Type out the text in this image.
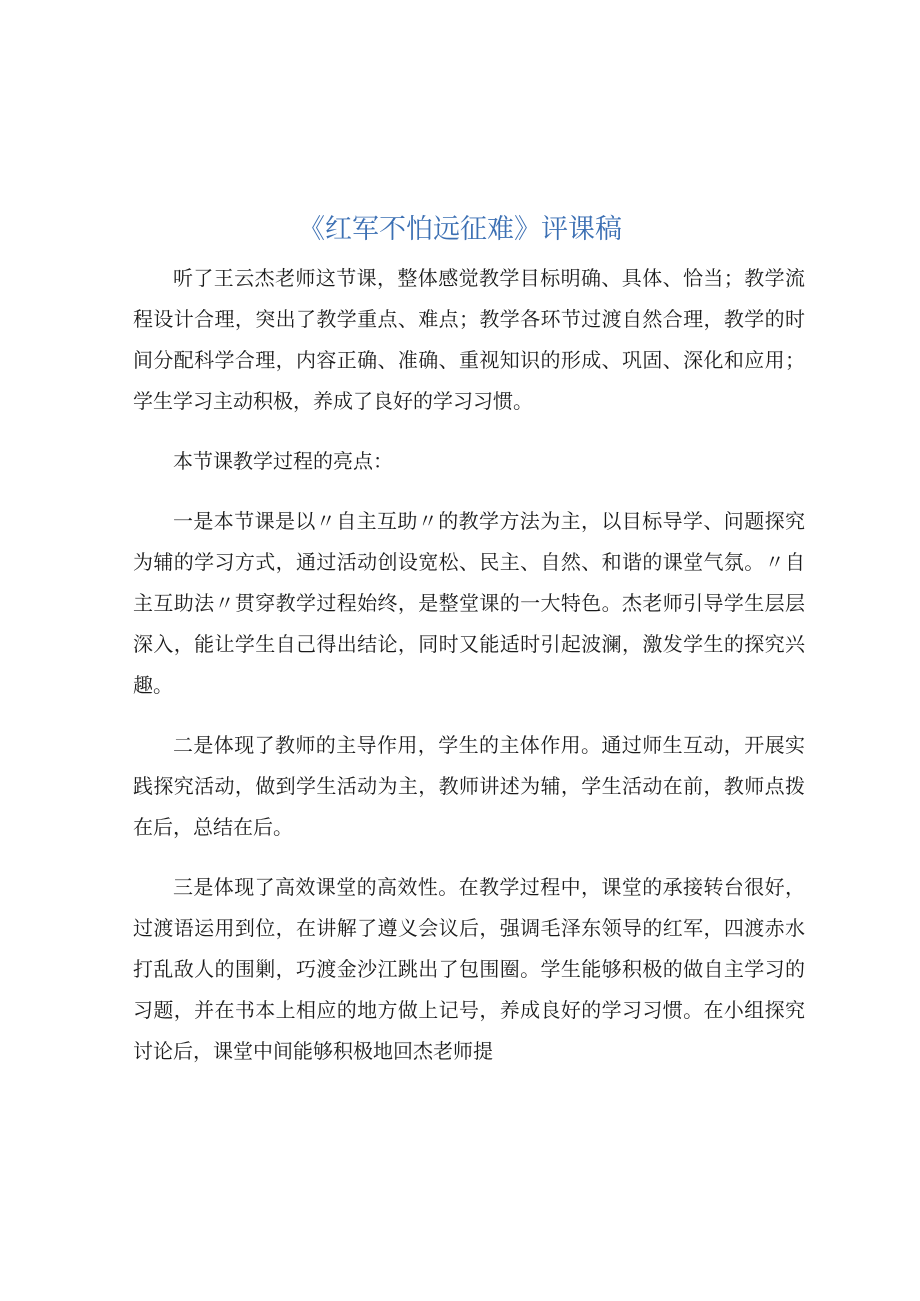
《红军不怕远征难》评课稿

听了王云杰老师这节课，整体感觉教学目标明确、具体、恰当；教学流程设计合理，突出了教学重点、难点；教学各环节过渡自然合理，教学的时间分配科学合理，内容正确、准确、重视知识的形成、巩固、深化和应用；学生学习主动积极，养成了良好的学习习惯。

本节课教学过程的亮点：

一是本节课是以〃自主互助〃的教学方法为主，以目标导学、问题探究为辅的学习方式，通过活动创设宽松、民主、自然、和谐的课堂气氛。〃自主互助法〃贯穿教学过程始终，是整堂课的一大特色。杰老师引导学生层层深入，能让学生自己得出结论，同时又能适时引起波澜，激发学生的探究兴趣。

二是体现了教师的主导作用，学生的主体作用。通过师生互动，开展实践探究活动，做到学生活动为主，教师讲述为辅，学生活动在前，教师点拨在后，总结在后。

三是体现了高效课堂的高效性。在教学过程中，课堂的承接转台很好，过渡语运用到位，在讲解了遵义会议后，强调毛泽东领导的红军，四渡赤水打乱敌人的围剿，巧渡金沙江跳出了包围圈。学生能够积极的做自主学习的习题，并在书本上相应的地方做上记号，养成良好的学习习惯。在小组探究讨论后，课堂中间能够积极地回杰老师提
